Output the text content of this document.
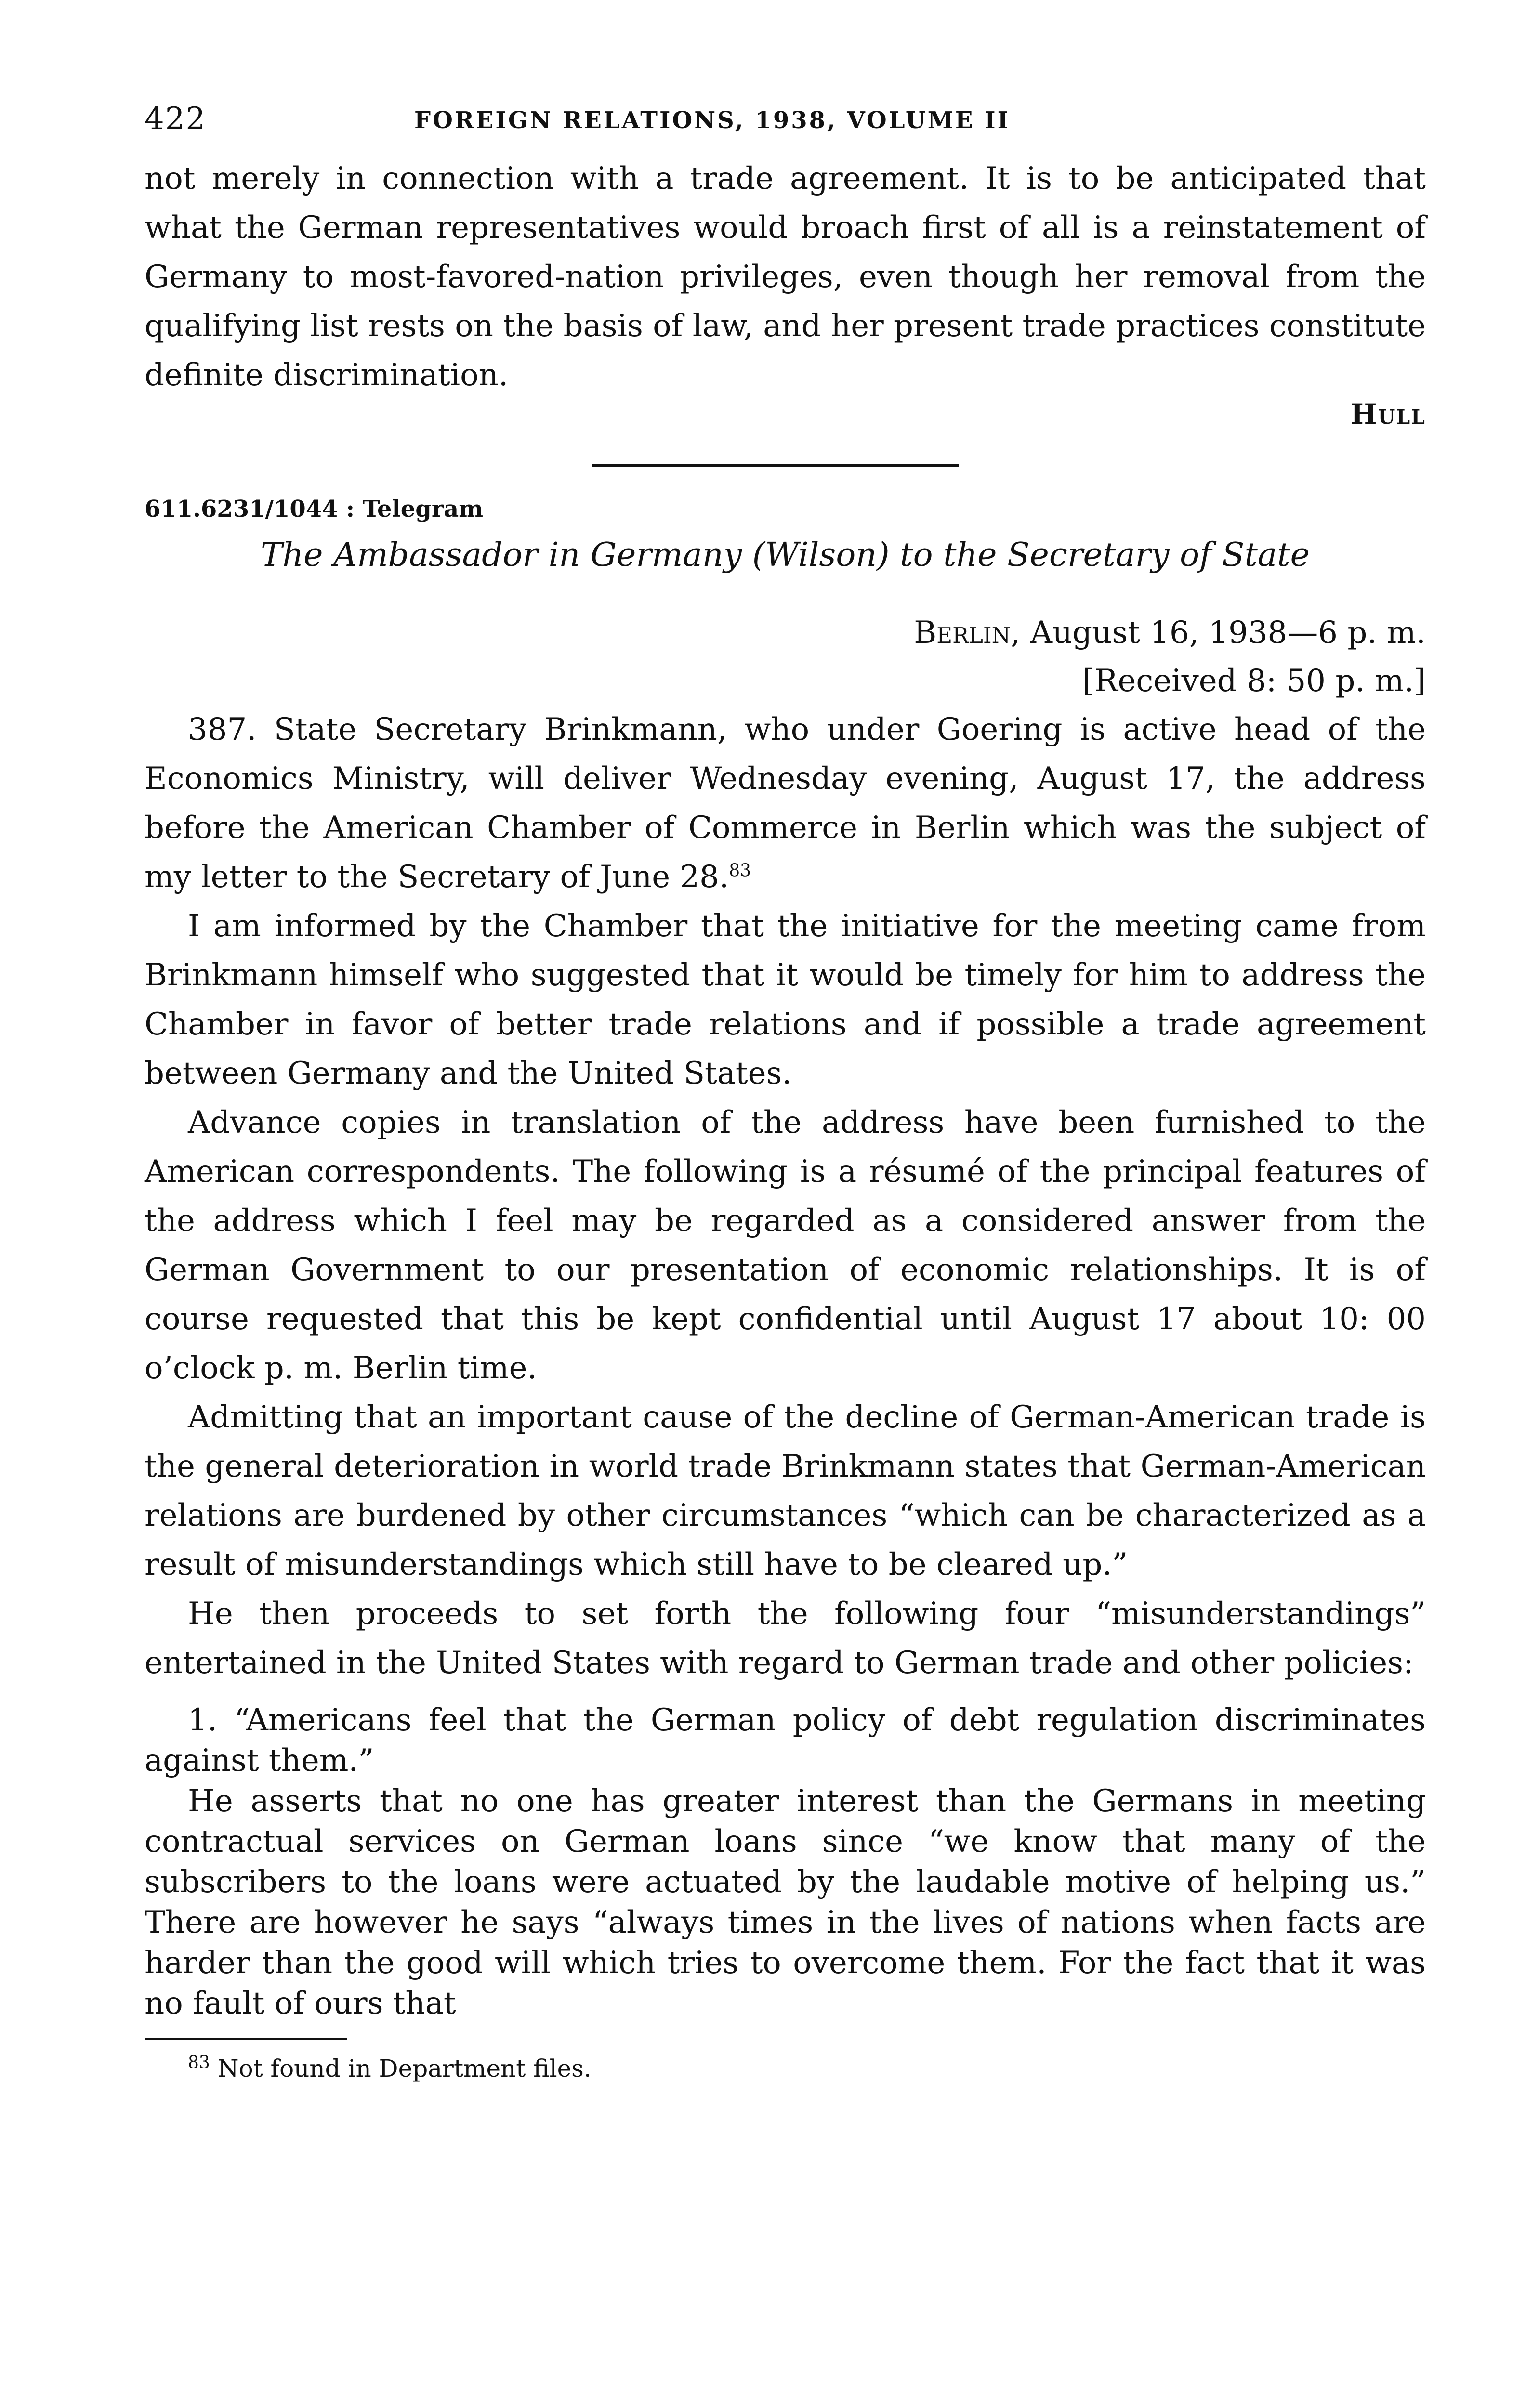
422	FOREIGN RELATIONS, 1938, VOLUME II

not merely in connection with a trade agreement. It is to be anticipated that what the German representatives would broach first of all is a reinstatement of Germany to most-favored-nation privileges, even though her removal from the qualifying list rests on the basis of law, and her present trade practices constitute definite discrimination.

Hull
611.6231/1044 : Telegram
The Ambassador in Germany (Wilson) to the Secretary of State
Berlin, August 16, 1938—6 p. m.
[Received 8: 50 p. m.]

387. State Secretary Brinkmann, who under Goering is active head of the Economics Ministry, will deliver Wednesday evening, August 17, the address before the American Chamber of Commerce in Berlin which was the subject of my letter to the Secretary of June 28.83

I am informed by the Chamber that the initiative for the meeting came from Brinkmann himself who suggested that it would be timely for him to address the Chamber in favor of better trade relations and if possible a trade agreement between Germany and the United States.

Advance copies in translation of the address have been furnished to the American correspondents. The following is a résumé of the principal features of the address which I feel may be regarded as a considered answer from the German Government to our presentation of economic relationships. It is of course requested that this be kept confidential until August 17 about 10: 00 o’clock p. m. Berlin time.

Admitting that an important cause of the decline of German-American trade is the general deterioration in world trade Brinkmann states that German-American relations are burdened by other circumstances “which can be characterized as a result of misunderstandings which still have to be cleared up.”

He then proceeds to set forth the following four “misunderstandings” entertained in the United States with regard to German trade and other policies:

1. “Americans feel that the German policy of debt regulation discriminates against them.”

He asserts that no one has greater interest than the Germans in meeting contractual services on German loans since “we know that many of the subscribers to the loans were actuated by the laudable motive of helping us.” There are however he says “always times in the lives of nations when facts are harder than the good will which tries to overcome them. For the fact that it was no fault of ours that

$^{83}$ Not found in Department files.
